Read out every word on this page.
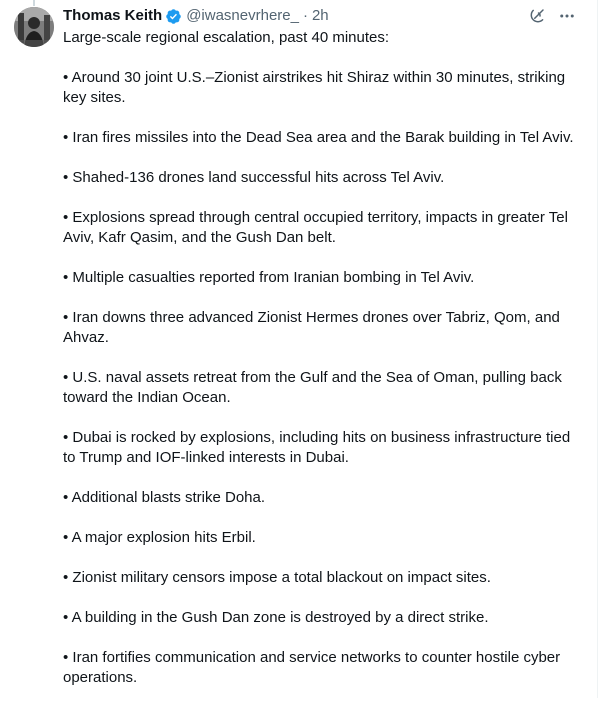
Thomas Keith @iwasnevrhere_ · 2h

Large-scale regional escalation, past 40 minutes:

• Around 30 joint U.S.–Zionist airstrikes hit Shiraz within 30 minutes, striking key sites.

• Iran fires missiles into the Dead Sea area and the Barak building in Tel Aviv.

• Shahed-136 drones land successful hits across Tel Aviv.

• Explosions spread through central occupied territory, impacts in greater Tel Aviv, Kafr Qasim, and the Gush Dan belt.

• Multiple casualties reported from Iranian bombing in Tel Aviv.

• Iran downs three advanced Zionist Hermes drones over Tabriz, Qom, and Ahvaz.

• U.S. naval assets retreat from the Gulf and the Sea of Oman, pulling back toward the Indian Ocean.

• Dubai is rocked by explosions, including hits on business infrastructure tied to Trump and IOF-linked interests in Dubai.

• Additional blasts strike Doha.

• A major explosion hits Erbil.

• Zionist military censors impose a total blackout on impact sites.

• A building in the Gush Dan zone is destroyed by a direct strike.

• Iran fortifies communication and service networks to counter hostile cyber operations.
